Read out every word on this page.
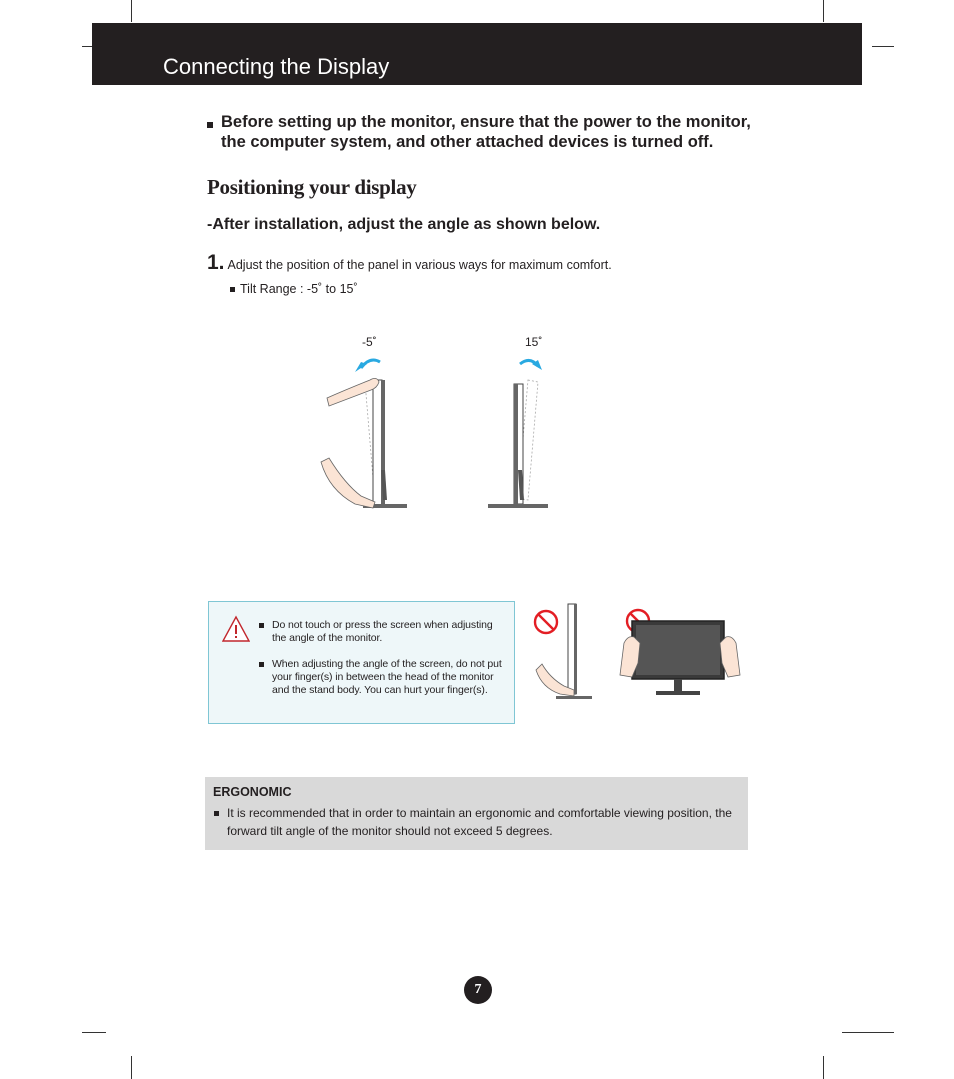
Connecting the Display
Before setting up the monitor, ensure that the power to the monitor, the computer system, and other attached devices is turned off.
Positioning your display
-After installation, adjust the angle as shown below.
1. Adjust the position of the panel in various ways for maximum comfort.
Tilt Range : -5˚ to 15˚
-5˚	15˚
Do not touch or press the screen when adjusting the angle of the monitor.
When adjusting the angle of the screen, do not put your finger(s) in between the head of the monitor and the stand body. You can hurt your finger(s).
ERGONOMIC
It is recommended that in order to maintain an ergonomic and comfortable viewing position, the forward tilt angle of the monitor should not exceed 5 degrees.
7
